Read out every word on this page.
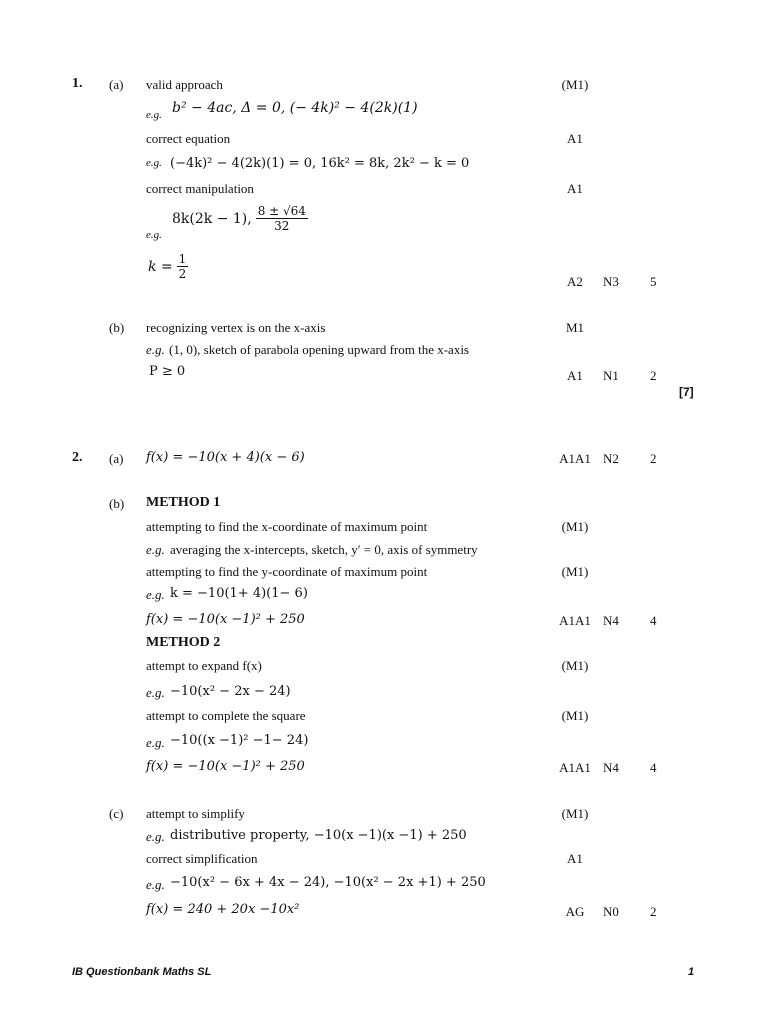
1. (a) valid approach	(M1)
e.g. b² − 4ac, Δ = 0, (− 4k)² − 4(2k)(1)
correct equation	A1
e.g. (−4k)² − 4(2k)(1) = 0, 16k² = 8k, 2k² − k = 0
correct manipulation	A1
e.g.
8k(2k − 1), $\frac{8 \pm √64}{32}$
$k = \frac{1}{2}$
A2	N3 5
(b) recognizing vertex is on the x-axis	M1
e.g. (1, 0), sketch of parabola opening upward from the x-axis
P ≥ 0	A1	N1 2
[7]
2. (a) f(x) = −10(x + 4)(x − 6)	A1A1 N2 2
(b) METHOD 1
attempting to find the x-coordinate of maximum point	(M1)
e.g. averaging the x-intercepts, sketch, y′ = 0, axis of symmetry
attempting to find the y-coordinate of maximum point	(M1)
e.g. k = −10(1+ 4)(1− 6)
f(x) = −10(x −1)² + 250	A1A1 N4 4
METHOD 2
attempt to expand f(x)	(M1)
e.g. −10(x² − 2x − 24)
attempt to complete the square	(M1)
e.g. −10((x −1)² −1− 24)
f(x) = −10(x −1)² + 250	A1A1 N4 4
(c) attempt to simplify	(M1)
e.g. distributive property, −10(x −1)(x −1) + 250
correct simplification	A1
e.g. −10(x² − 6x + 4x − 24), −10(x² − 2x +1) + 250
f(x) = 240 + 20x −10x²	AG	N0 2
IB Questionbank Maths SL	1
